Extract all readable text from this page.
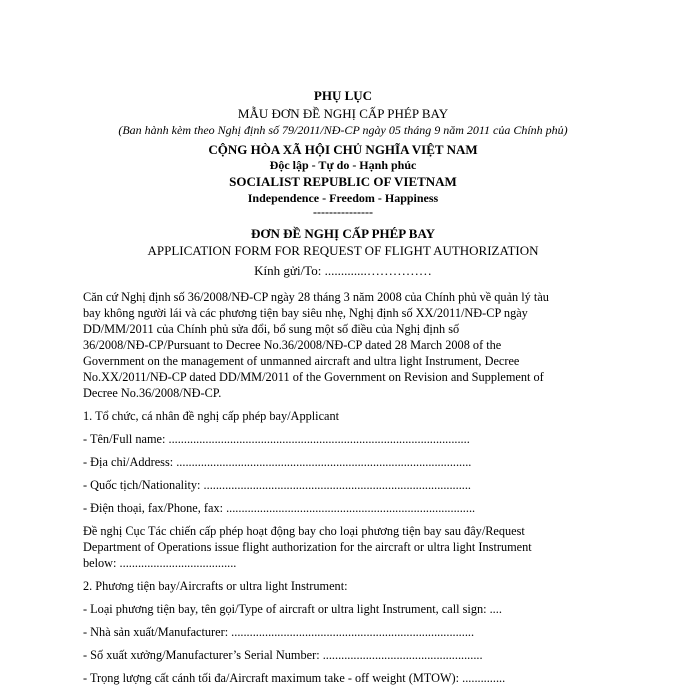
PHỤ LỤC
MẪU ĐƠN ĐỀ NGHỊ CẤP PHÉP BAY
(Ban hành kèm theo Nghị định số 79/2011/NĐ-CP ngày 05 tháng 9 năm 2011 của Chính phủ)
CỘNG HÒA XÃ HỘI CHỦ NGHĨA VIỆT NAM
Độc lập - Tự do - Hạnh phúc
SOCIALIST REPUBLIC OF VIETNAM
Independence - Freedom - Happiness
---------------
ĐƠN ĐỀ NGHỊ CẤP PHÉP BAY
APPLICATION FORM FOR REQUEST OF FLIGHT AUTHORIZATION
Kính gửi/To: .............……………
Căn cứ Nghị định số 36/2008/NĐ-CP ngày 28 tháng 3 năm 2008 của Chính phủ về quản lý tàu
bay không người lái và các phương tiện bay siêu nhẹ, Nghị định số XX/2011/NĐ-CP ngày
DD/MM/2011 của Chính phủ sửa đổi, bổ sung một số điều của Nghị định số
36/2008/NĐ-CP/Pursuant to Decree No.36/2008/NĐ-CP dated 28 March 2008 of the
Government on the management of unmanned aircraft and ultra light Instrument, Decree
No.XX/2011/NĐ-CP dated DD/MM/2011 of the Government on Revision and Supplement of
Decree No.36/2008/NĐ-CP.
1. Tổ chức, cá nhân đề nghị cấp phép bay/Applicant
- Tên/Full name: ..................................................................................................
- Địa chỉ/Address: ................................................................................................
- Quốc tịch/Nationality: .......................................................................................
- Điện thoại, fax/Phone, fax: .................................................................................
Đề nghị Cục Tác chiến cấp phép hoạt động bay cho loại phương tiện bay sau đây/Request
Department of Operations issue flight authorization for the aircraft or ultra light Instrument
below: ......................................
2. Phương tiện bay/Aircrafts or ultra light Instrument:
- Loại phương tiện bay, tên gọi/Type of aircraft or ultra light Instrument, call sign: ....
- Nhà sản xuất/Manufacturer: ...............................................................................
- Số xuất xưởng/Manufacturer’s Serial Number: ....................................................
- Trọng lượng cất cánh tối đa/Aircraft maximum take - off weight (MTOW): ..............
